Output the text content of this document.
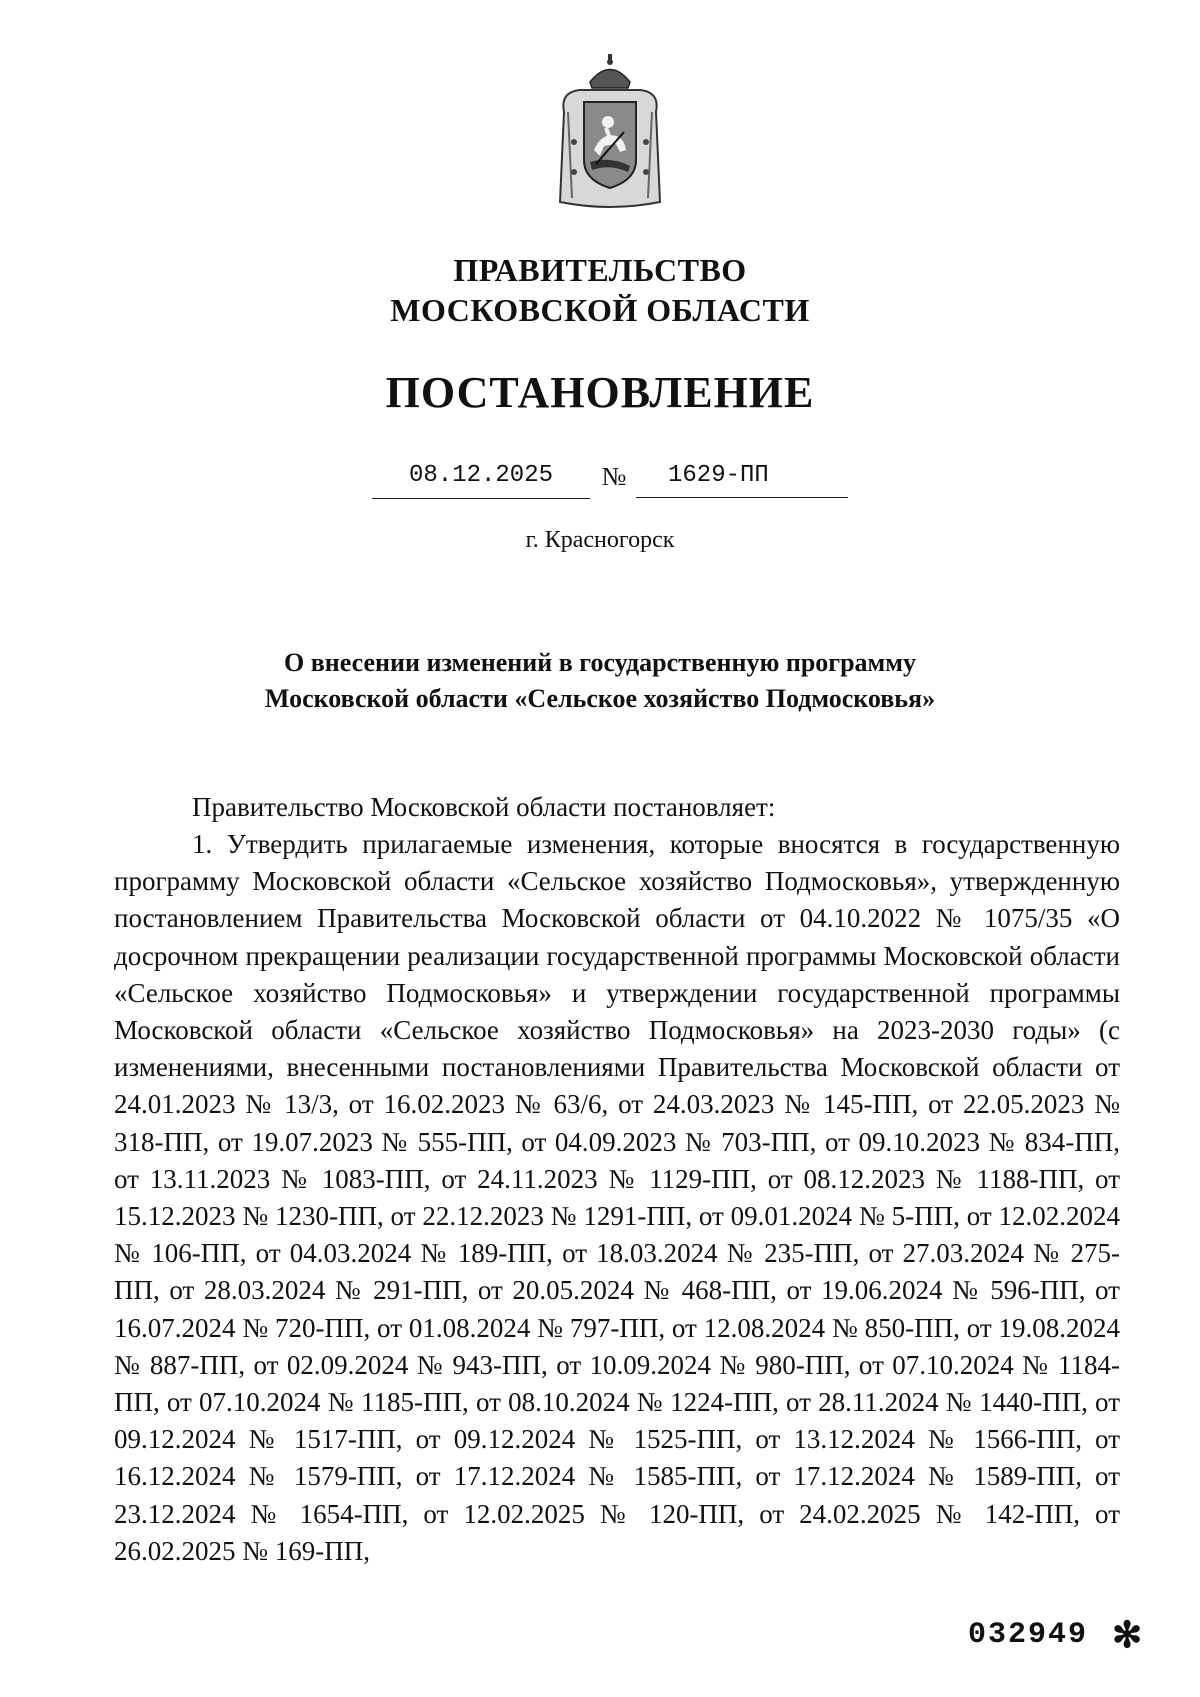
ПРАВИТЕЛЬСТВО
МОСКОВСКОЙ ОБЛАСТИ
ПОСТАНОВЛЕНИЕ
08.12.2025	№	1629-ПП
г. Красногорск
О внесении изменений в государственную программу
Московской области «Сельское хозяйство Подмосковья»
Правительство Московской области постановляет:

1. Утвердить прилагаемые изменения, которые вносятся в государственную программу Московской области «Сельское хозяйство Подмосковья», утвержденную постановлением Правительства Московской области от 04.10.2022 № 1075/35 «О досрочном прекращении реализации государственной программы Московской области «Сельское хозяйство Подмосковья» и утверждении государственной программы Московской области «Сельское хозяйство Подмосковья» на 2023-2030 годы» (с изменениями, внесенными постановлениями Правительства Московской области от 24.01.2023 № 13/3, от 16.02.2023 № 63/6, от 24.03.2023 № 145-ПП, от 22.05.2023 № 318-ПП, от 19.07.2023 № 555-ПП, от 04.09.2023 № 703-ПП, от 09.10.2023 № 834-ПП, от 13.11.2023 № 1083-ПП, от 24.11.2023 № 1129-ПП, от 08.12.2023 № 1188-ПП, от 15.12.2023 № 1230-ПП, от 22.12.2023 № 1291-ПП, от 09.01.2024 № 5-ПП, от 12.02.2024 № 106-ПП, от 04.03.2024 № 189-ПП, от 18.03.2024 № 235-ПП, от 27.03.2024 № 275-ПП, от 28.03.2024 № 291-ПП, от 20.05.2024 № 468-ПП, от 19.06.2024 № 596-ПП, от 16.07.2024 № 720-ПП, от 01.08.2024 № 797-ПП, от 12.08.2024 № 850-ПП, от 19.08.2024 № 887-ПП, от 02.09.2024 № 943-ПП, от 10.09.2024 № 980-ПП, от 07.10.2024 № 1184-ПП, от 07.10.2024 № 1185-ПП, от 08.10.2024 № 1224-ПП, от 28.11.2024 № 1440-ПП, от 09.12.2024 № 1517-ПП, от 09.12.2024 № 1525-ПП, от 13.12.2024 № 1566-ПП, от 16.12.2024 № 1579-ПП, от 17.12.2024 № 1585-ПП, от 17.12.2024 № 1589-ПП, от 23.12.2024 № 1654-ПП, от 12.02.2025 № 120-ПП, от 24.02.2025 № 142-ПП, от 26.02.2025 № 169-ПП,

032949 ✻
